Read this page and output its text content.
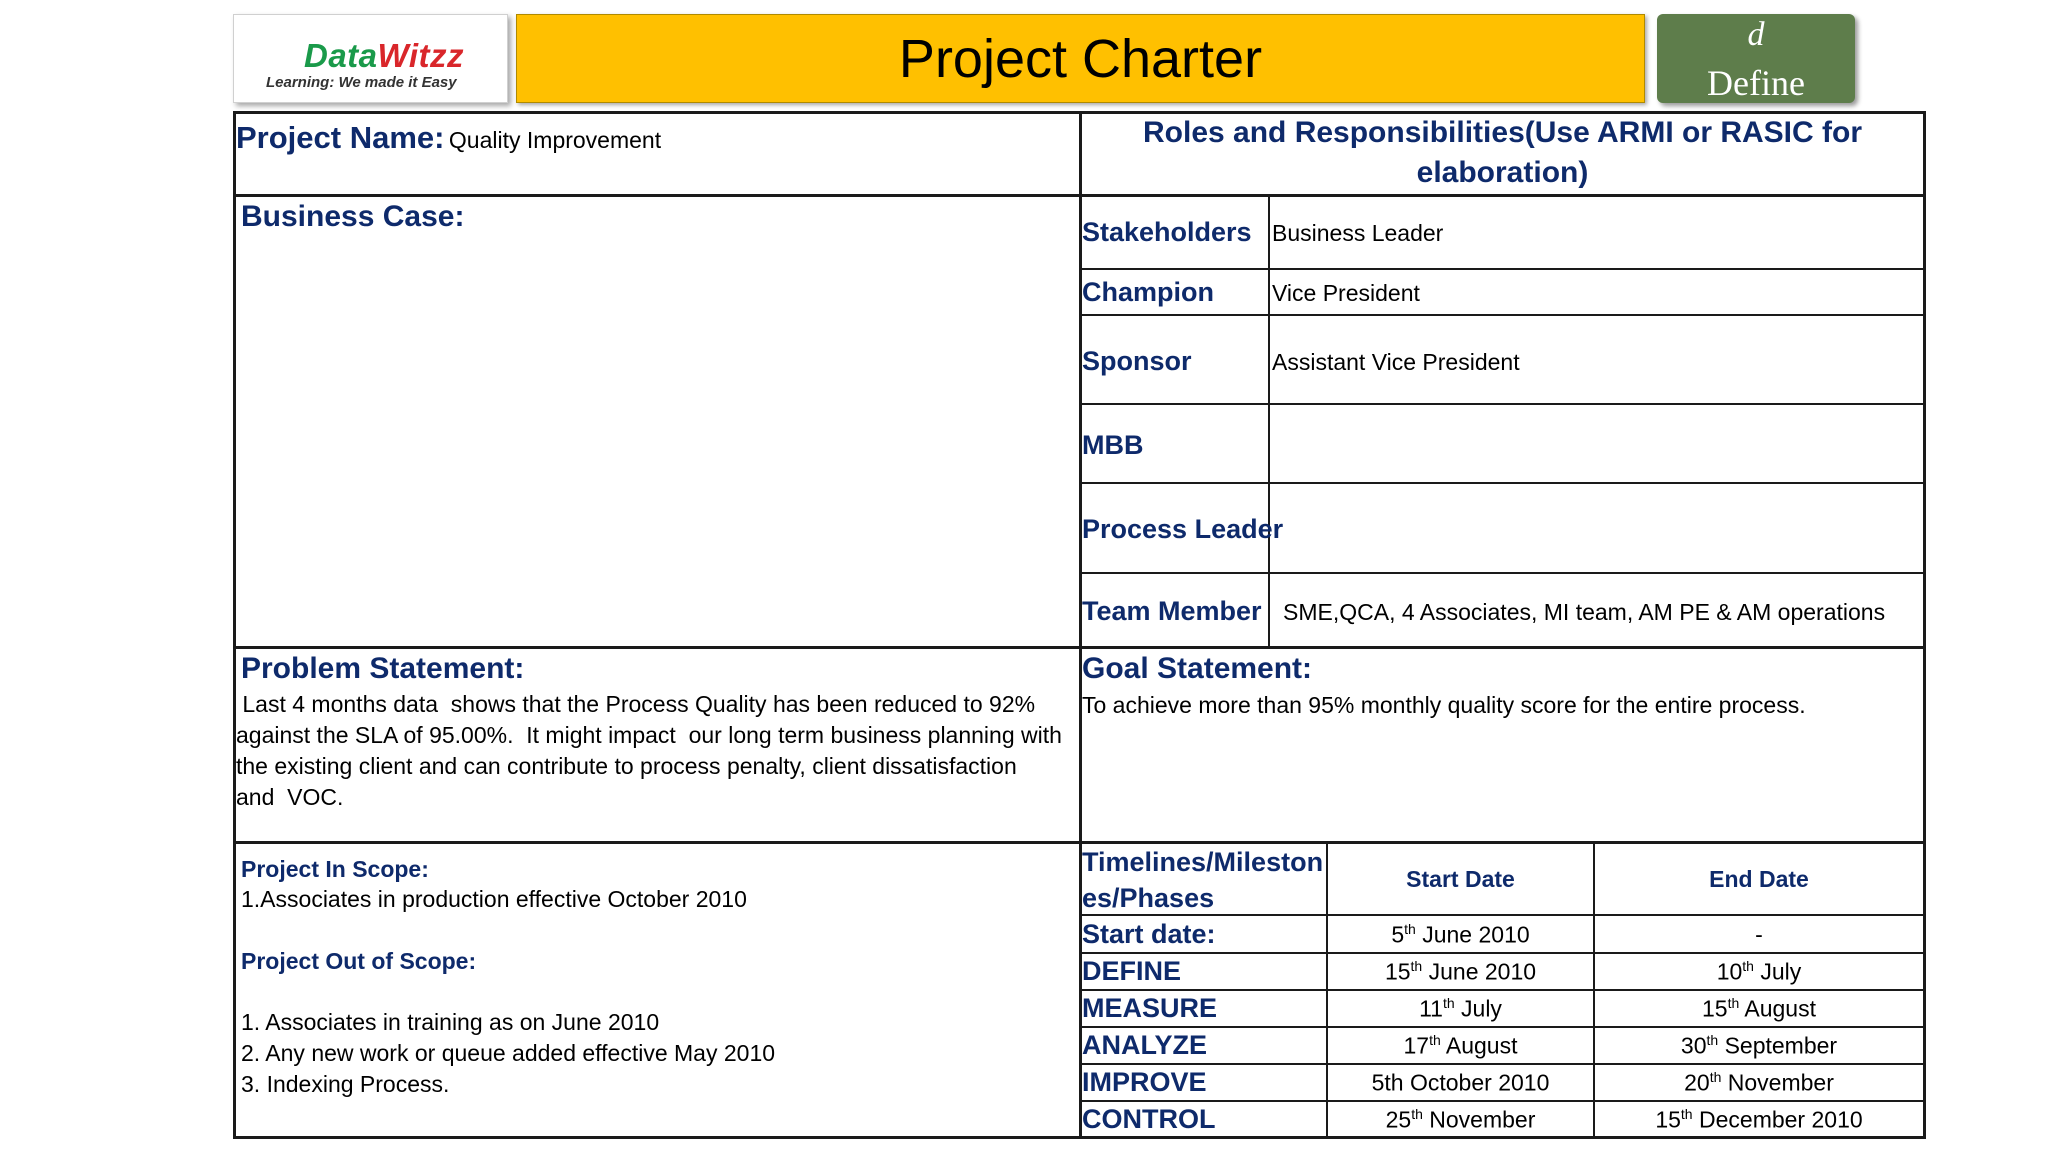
DataWitzz
Learning: We made it Easy	Project Charter	d
Define
Project Name: Quality Improvement	Roles and Responsibilities(Use ARMI or RASIC for
elaboration)
Stakeholders Business Leader
Champion	Vice President
Sponsor	Assistant Vice President
MBB
Process Leader
Team Member SME,QCA, 4 Associates, MI team, AM PE & AM operations
Business Case:
Problem Statement:
Last 4 months data  shows that the Process Quality has been reduced to 92%
against the SLA of 95.00%.  It might impact  our long term business planning with
the existing client and can contribute to process penalty, client dissatisfaction
and  VOC.
Goal Statement:
To achieve more than 95% monthly quality score for the entire process.
Project In Scope:
1.Associates in production effective October 2010
Project Out of Scope:
1. Associates in training as on June 2010
2. Any new work or queue added effective May 2010
3. Indexing Process.
Timelines/Mileston
es/Phases
Start Date	End Date
Start date:	5th June 2010	-
DEFINE	15th June 2010	10th July
MEASURE	11th July	15th August
ANALYZE	17th August	30th September
IMPROVE	5th October 2010	20th November
CONTROL	25th November	15th December 2010
